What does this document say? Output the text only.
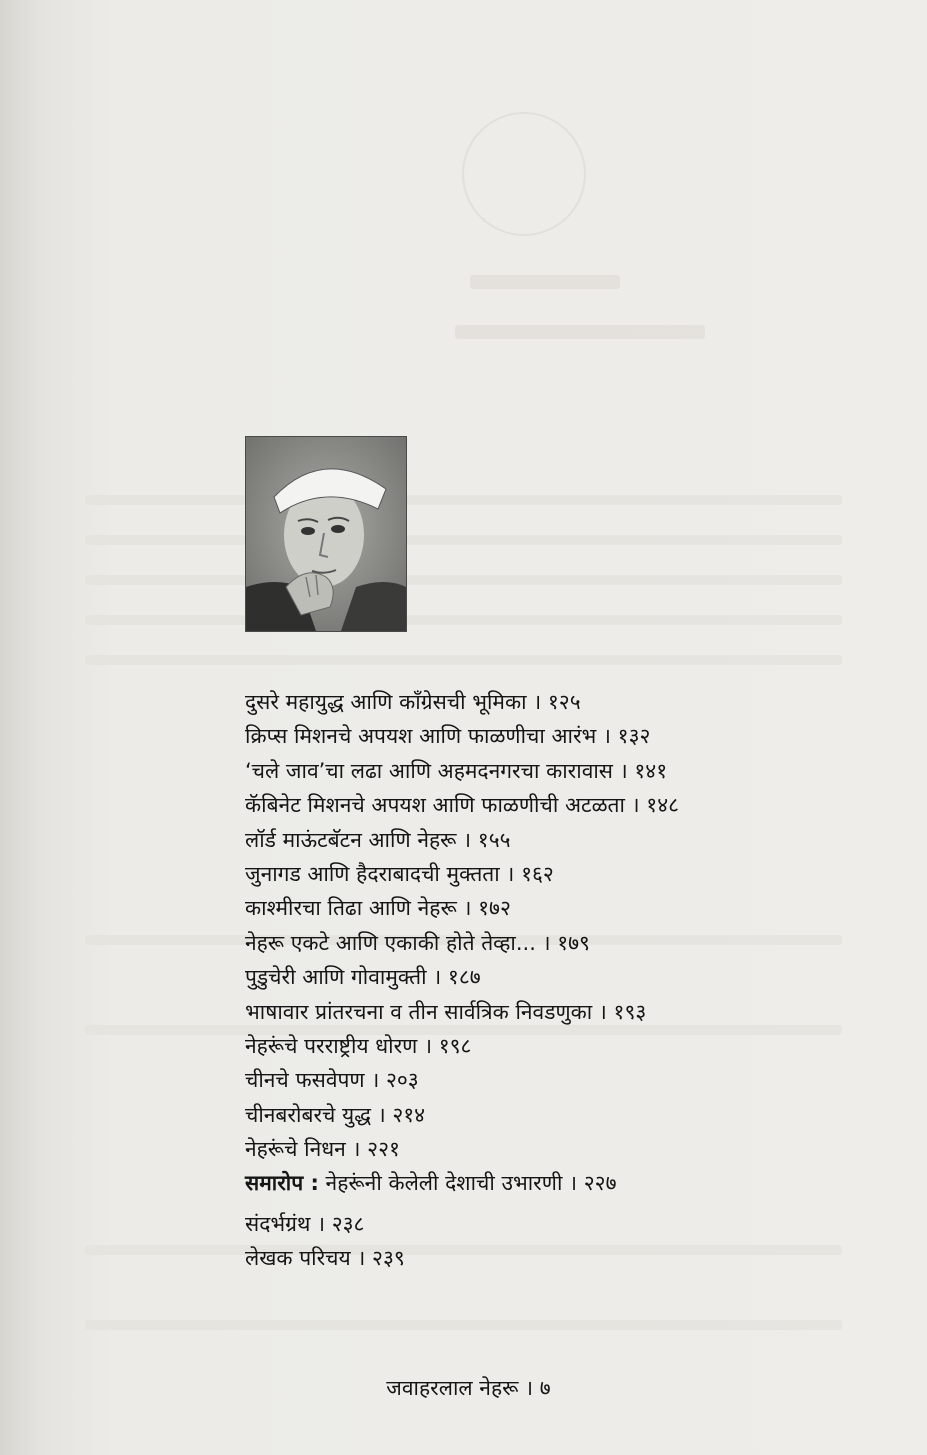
दुसरे महायुद्ध आणि काँग्रेसची भूमिका । १२५
क्रिप्स मिशनचे अपयश आणि फाळणीचा आरंभ । १३२
‘चले जाव’चा लढा आणि अहमदनगरचा कारावास । १४१
कॅबिनेट मिशनचे अपयश आणि फाळणीची अटळता । १४८
लॉर्ड माऊंटबॅटन आणि नेहरू । १५५
जुनागड आणि हैदराबादची मुक्तता । १६२
काश्मीरचा तिढा आणि नेहरू । १७२
नेहरू एकटे आणि एकाकी होते तेव्हा... । १७९
पुडुचेरी आणि गोवामुक्ती । १८७
भाषावार प्रांतरचना व तीन सार्वत्रिक निवडणुका । १९३
नेहरूंचे परराष्ट्रीय धोरण । १९८
चीनचे फसवेपण । २०३
चीनबरोबरचे युद्ध । २१४
नेहरूंचे निधन । २२१
समारोप : नेहरूंनी केलेली देशाची उभारणी । २२७
संदर्भग्रंथ । २३८
लेखक परिचय । २३९
जवाहरलाल नेहरू । ७
